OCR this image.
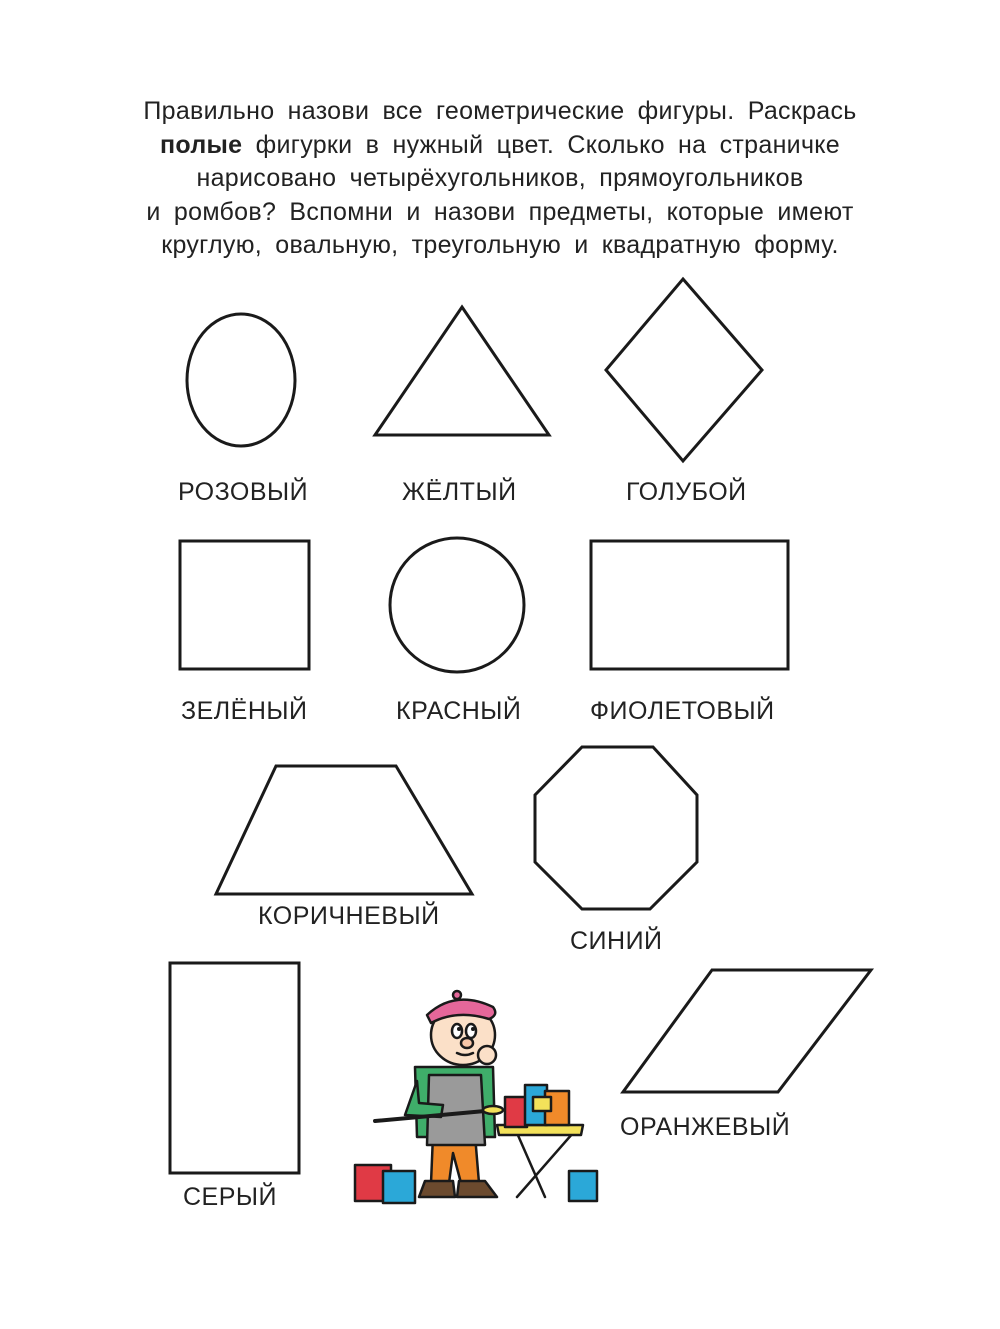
Правильно назови все геометрические фигуры. Раскрась
полые фигурки в нужный цвет. Сколько на страничке
нарисовано четырёхугольников, прямоугольников
и ромбов? Вспомни и назови предметы, которые имеют
круглую, овальную, треугольную и квадратную форму.
РОЗОВЫЙ	ЖЁЛТЫЙ	ГОЛУБОЙ
ЗЕЛЁНЫЙ	КРАСНЫЙ	ФИОЛЕТОВЫЙ
КОРИЧНЕВЫЙ
СИНИЙ
СЕРЫЙ
ОРАНЖЕВЫЙ
